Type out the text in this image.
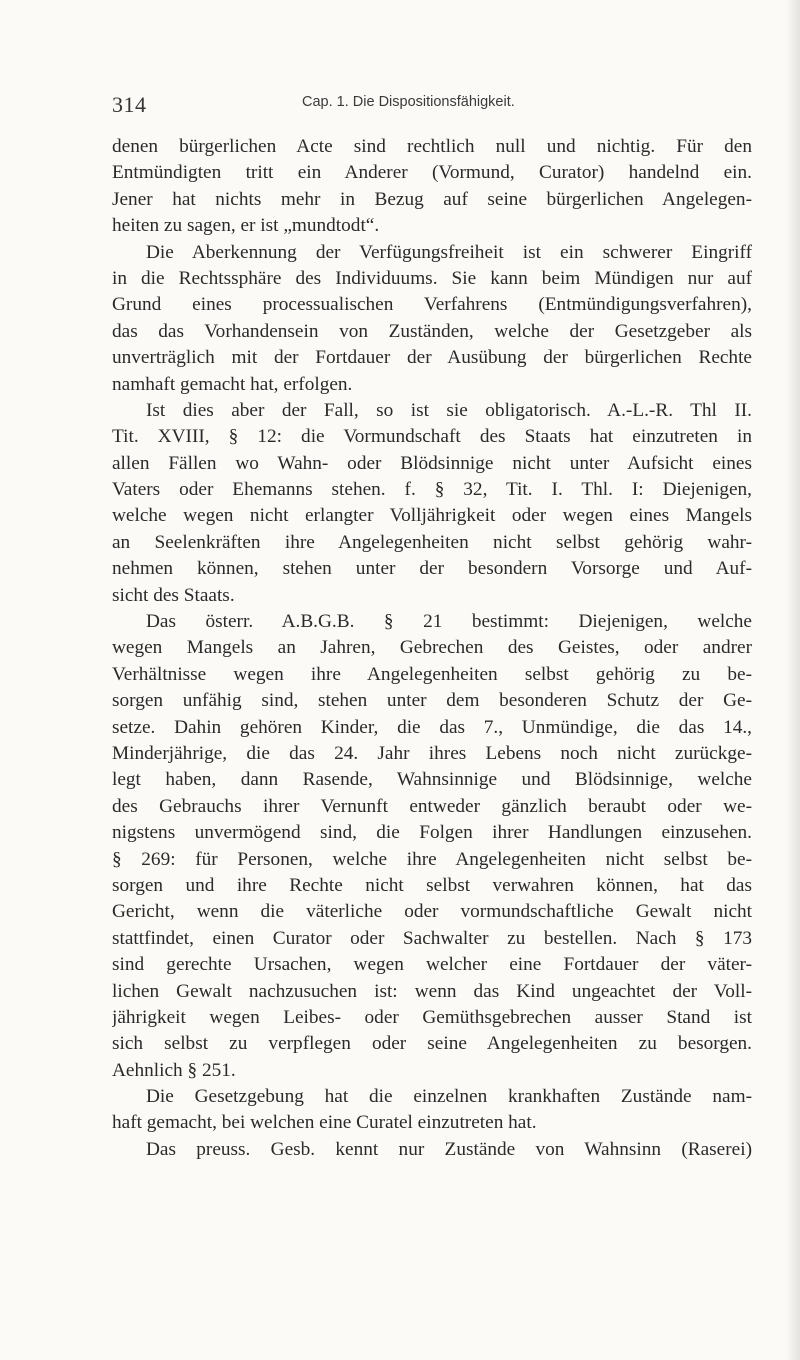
314	Cap. 1. Die Dispositionsfähigkeit.
denen bürgerlichen Acte sind rechtlich null und nichtig. Für den
Entmündigten tritt ein Anderer (Vormund, Curator) handelnd ein.
Jener hat nichts mehr in Bezug auf seine bürgerlichen Angelegen-
heiten zu sagen, er ist „mundtodt“.
Die Aberkennung der Verfügungsfreiheit ist ein schwerer Eingriff
in die Rechtssphäre des Individuums. Sie kann beim Mündigen nur auf
Grund eines processualischen Verfahrens (Entmündigungsverfahren),
das das Vorhandensein von Zuständen, welche der Gesetzgeber als
unverträglich mit der Fortdauer der Ausübung der bürgerlichen Rechte
namhaft gemacht hat, erfolgen.
Ist dies aber der Fall, so ist sie obligatorisch. A.-L.-R. Thl II.
Tit. XVIII, § 12: die Vormundschaft des Staats hat einzutreten in
allen Fällen wo Wahn- oder Blödsinnige nicht unter Aufsicht eines
Vaters oder Ehemanns stehen. f. § 32, Tit. I. Thl. I: Diejenigen,
welche wegen nicht erlangter Volljährigkeit oder wegen eines Mangels
an Seelenkräften ihre Angelegenheiten nicht selbst gehörig wahr-
nehmen können, stehen unter der besondern Vorsorge und Auf-
sicht des Staats.
Das österr. A.B.G.B. § 21 bestimmt: Diejenigen, welche
wegen Mangels an Jahren, Gebrechen des Geistes, oder andrer
Verhältnisse wegen ihre Angelegenheiten selbst gehörig zu be-
sorgen unfähig sind, stehen unter dem besonderen Schutz der Ge-
setze. Dahin gehören Kinder, die das 7., Unmündige, die das 14.,
Minderjährige, die das 24. Jahr ihres Lebens noch nicht zurückge-
legt haben, dann Rasende, Wahnsinnige und Blödsinnige, welche
des Gebrauchs ihrer Vernunft entweder gänzlich beraubt oder we-
nigstens unvermögend sind, die Folgen ihrer Handlungen einzusehen.
§ 269: für Personen, welche ihre Angelegenheiten nicht selbst be-
sorgen und ihre Rechte nicht selbst verwahren können, hat das
Gericht, wenn die väterliche oder vormundschaftliche Gewalt nicht
stattfindet, einen Curator oder Sachwalter zu bestellen. Nach § 173
sind gerechte Ursachen, wegen welcher eine Fortdauer der väter-
lichen Gewalt nachzusuchen ist: wenn das Kind ungeachtet der Voll-
jährigkeit wegen Leibes- oder Gemüthsgebrechen ausser Stand ist
sich selbst zu verpflegen oder seine Angelegenheiten zu besorgen.
Aehnlich § 251.
Die Gesetzgebung hat die einzelnen krankhaften Zustände nam-
haft gemacht, bei welchen eine Curatel einzutreten hat.
Das preuss. Gesb. kennt nur Zustände von Wahnsinn (Raserei)
